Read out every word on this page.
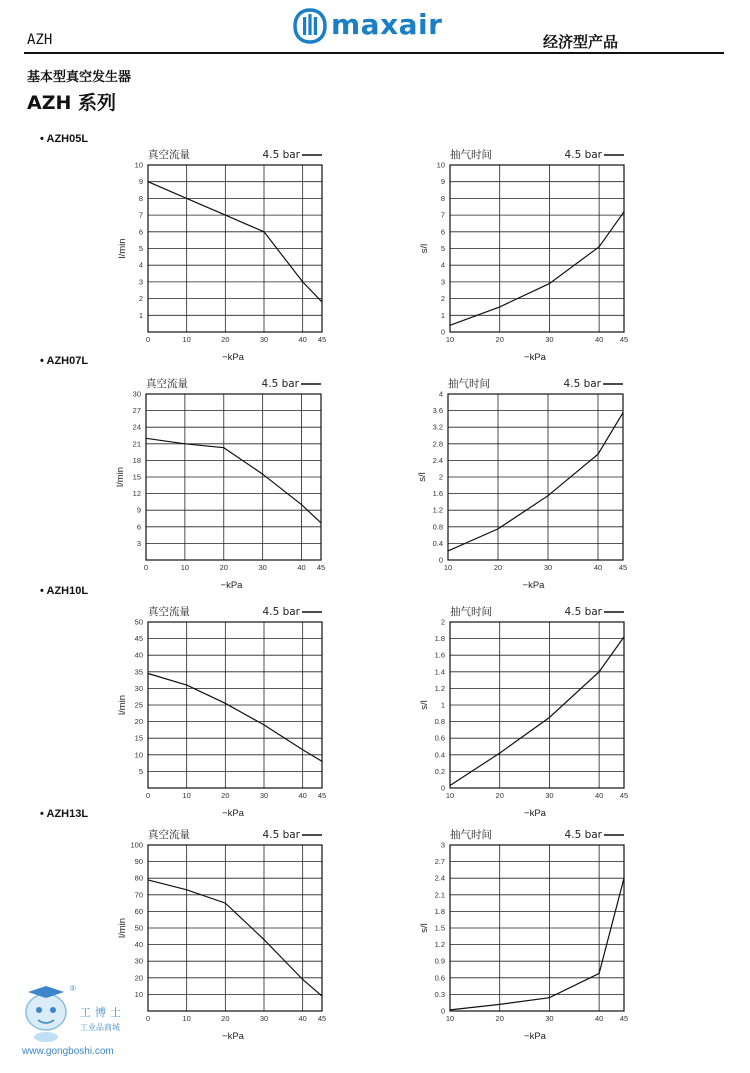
AZH	maxair
经济型产品
基本型真空发生器
AZH 系列
• AZH05L
• AZH07L
• AZH10L
• AZH13L
0	10	20	30	40 45
1
2
3
4
5
6
7
8
9
10
真空流量	4.5 bar
−kPa
l/min
10	20	30	40 45
0
1
2
3
4
5
6
7
8
9
10
抽气时间	4.5 bar
−kPa
s/l
0	10	20	30	40 45
3
6
9
12
15
18
21
24
27
30
真空流量	4.5 bar
−kPa
l/min
10	20	30	40 45
0
0.4
0.8
1.2
1.6
2
2.4
2.8
3.2
3.6
4
抽气时间	4.5 bar
−kPa
s/l
0	10	20	30	40 45
5
10
15
20
25
30
35
40
45
50
真空流量	4.5 bar
−kPa
l/min
10	20	30	40 45
0
0.2
0.4
0.6
0.8
1
1.2
1.4
1.6
1.8
2
抽气时间	4.5 bar
−kPa
s/l
0	10	20	30	40 45
10
20
30
40
50
60
70
80
90
100
真空流量	4.5 bar
−kPa
l/min
10	20	30	40 45
0
0.3
0.6
0.9
1.2
1.5
1.8
2.1
2.4
2.7
3
抽气时间	4.5 bar
−kPa
s/l
®
工博士
工业品商城
www.gongboshi.com
